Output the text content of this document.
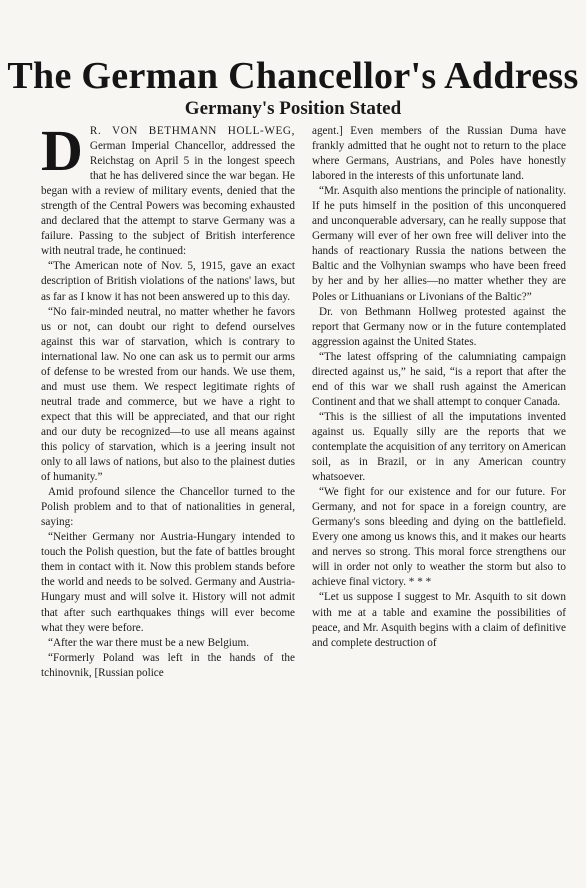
The German Chancellor's Address
Germany's Position Stated

D R. VON BETHMANN HOLL-WEG, German Imperial Chancellor, addressed the Reichstag on April 5 in the longest speech that he has delivered since the war began. He began with a review of military events, denied that the strength of the Central Powers was becoming exhausted and declared that the attempt to starve Germany was a failure. Passing to the subject of British interference with neutral trade, he continued:

“The American note of Nov. 5, 1915, gave an exact description of British violations of the nations' laws, but as far as I know it has not been answered up to this day.

“No fair-minded neutral, no matter whether he favors us or not, can doubt our right to defend ourselves against this war of starvation, which is contrary to international law. No one can ask us to permit our arms of defense to be wrested from our hands. We use them, and must use them. We respect legitimate rights of neutral trade and commerce, but we have a right to expect that this will be appreciated, and that our right and our duty be recognized—to use all means against this policy of starvation, which is a jeering insult not only to all laws of nations, but also to the plainest duties of humanity.”

Amid profound silence the Chancellor turned to the Polish problem and to that of nationalities in general, saying:

“Neither Germany nor Austria-Hungary intended to touch the Polish question, but the fate of battles brought them in contact with it. Now this problem stands before the world and needs to be solved. Germany and Austria-Hungary must and will solve it. History will not admit that after such earthquakes things will ever become what they were before.

“After the war there must be a new Belgium.

“Formerly Poland was left in the hands of the tchinovnik, [Russian police

agent.] Even members of the Russian Duma have frankly admitted that he ought not to return to the place where Germans, Austrians, and Poles have honestly labored in the interests of this unfortunate land.

“Mr. Asquith also mentions the principle of nationality. If he puts himself in the position of this unconquered and unconquerable adversary, can he really suppose that Germany will ever of her own free will deliver into the hands of reactionary Russia the nations between the Baltic and the Volhynian swamps who have been freed by her and by her allies—no matter whether they are Poles or Lithuanians or Livonians of the Baltic?”

Dr. von Bethmann Hollweg protested against the report that Germany now or in the future contemplated aggression against the United States.

“The latest offspring of the calumniating campaign directed against us,” he said, “is a report that after the end of this war we shall rush against the American Continent and that we shall attempt to conquer Canada.

“This is the silliest of all the imputations invented against us. Equally silly are the reports that we contemplate the acquisition of any territory on American soil, as in Brazil, or in any American country whatsoever.

“We fight for our existence and for our future. For Germany, and not for space in a foreign country, are Germany's sons bleeding and dying on the battlefield. Every one among us knows this, and it makes our hearts and nerves so strong. This moral force strengthens our will in order not only to weather the storm but also to achieve final victory. * * *

“Let us suppose I suggest to Mr. Asquith to sit down with me at a table and examine the possibilities of peace, and Mr. Asquith begins with a claim of definitive and complete destruction of
